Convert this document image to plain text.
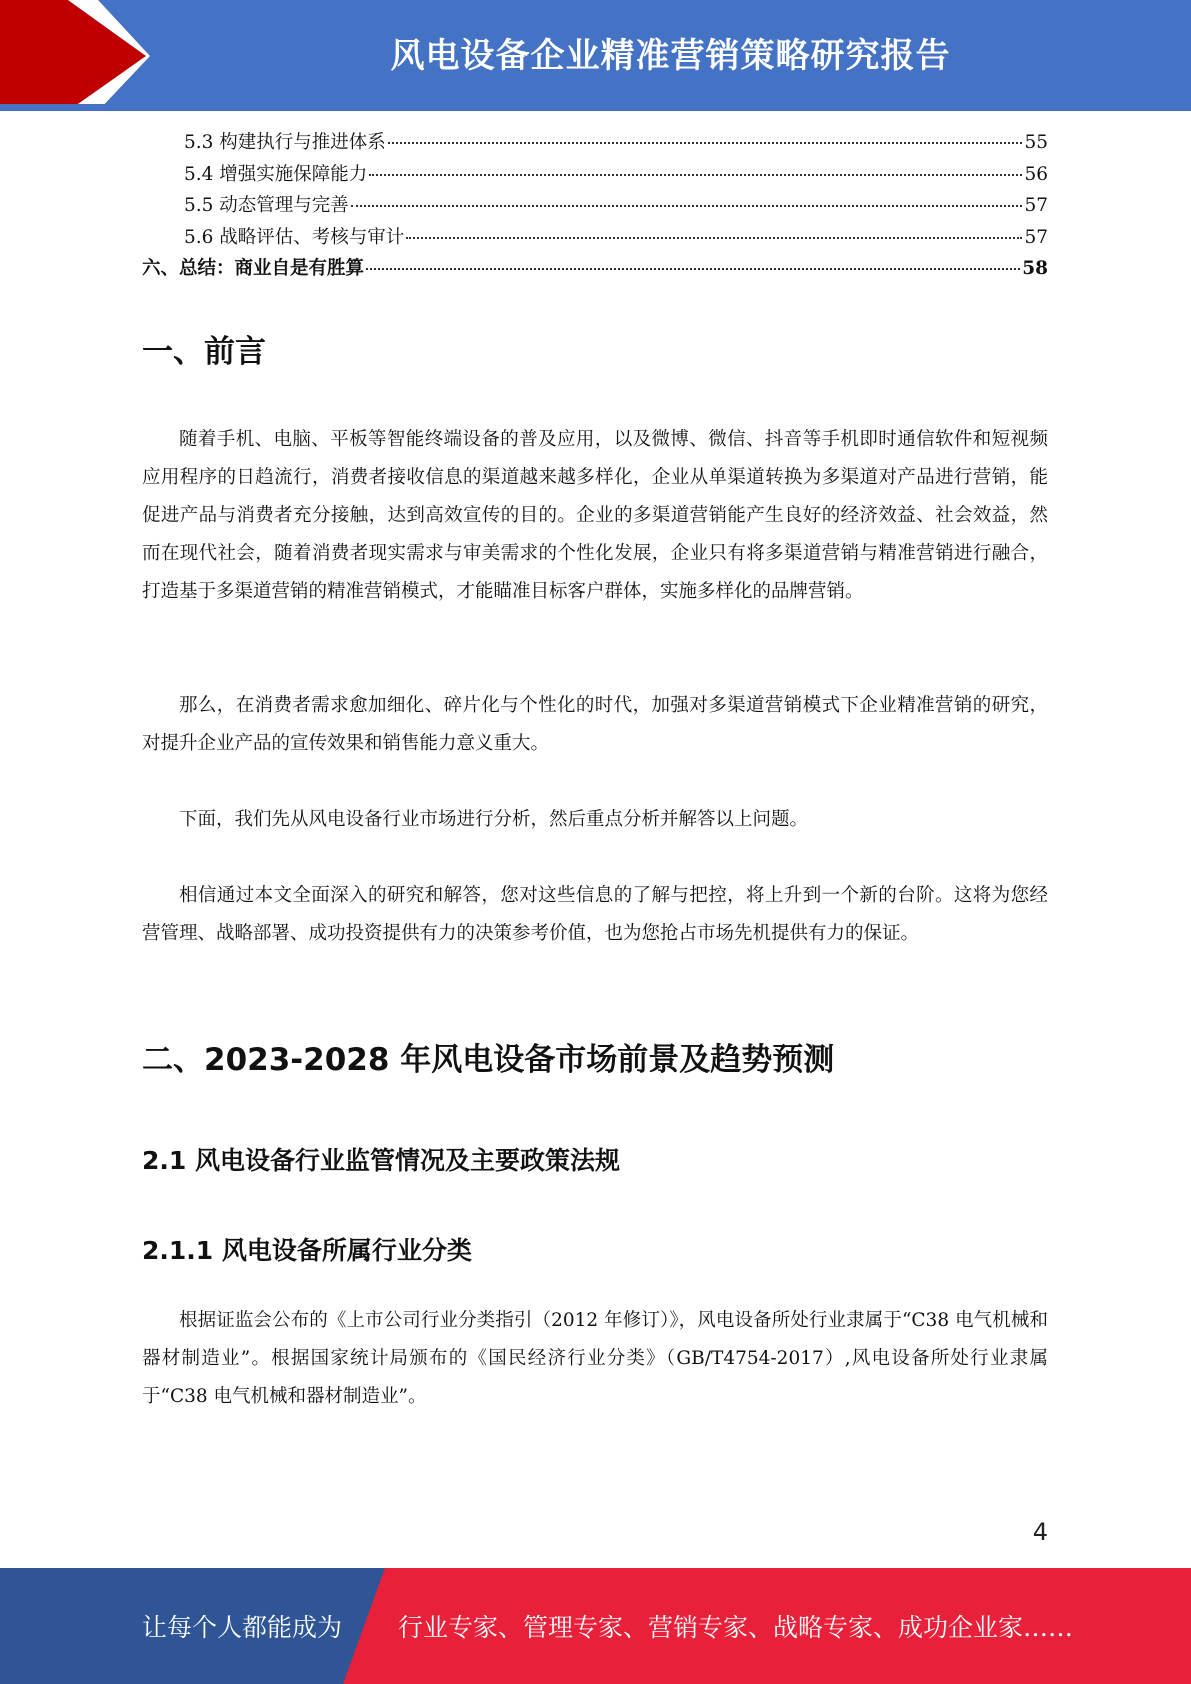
风电设备企业精准营销策略研究报告
5.3 构建执行与推进体系	55
5.4 增强实施保障能力	56
5.5 动态管理与完善	57
5.6 战略评估、考核与审计	57
六、总结：商业自是有胜算	58
一、前言

随着手机、电脑、平板等智能终端设备的普及应用，以及微博、微信、抖音等手机即时通信软件和短视频应用程序的日趋流行，消费者接收信息的渠道越来越多样化，企业从单渠道转换为多渠道对产品进行营销，能促进产品与消费者充分接触，达到高效宣传的目的。企业的多渠道营销能产生良好的经济效益、社会效益，然而在现代社会，随着消费者现实需求与审美需求的个性化发展，企业只有将多渠道营销与精准营销进行融合，打造基于多渠道营销的精准营销模式，才能瞄准目标客户群体，实施多样化的品牌营销。

那么，在消费者需求愈加细化、碎片化与个性化的时代，加强对多渠道营销模式下企业精准营销的研究，对提升企业产品的宣传效果和销售能力意义重大。

下面，我们先从风电设备行业市场进行分析，然后重点分析并解答以上问题。

相信通过本文全面深入的研究和解答，您对这些信息的了解与把控，将上升到一个新的台阶。这将为您经营管理、战略部署、成功投资提供有力的决策参考价值，也为您抢占市场先机提供有力的保证。

二、2023-2028 年风电设备市场前景及趋势预测
2.1 风电设备行业监管情况及主要政策法规
2.1.1 风电设备所属行业分类

根据证监会公布的《上市公司行业分类指引（2012 年修订）》，风电设备所处行业隶属于“C38 电气机械和器材制造业”。根据国家统计局颁布的《国民经济行业分类》（GB/T4754-2017）,风电设备所处行业隶属于“C38 电气机械和器材制造业”。

4
让每个人都能成为 行业专家、管理专家、营销专家、战略专家、成功企业家……
